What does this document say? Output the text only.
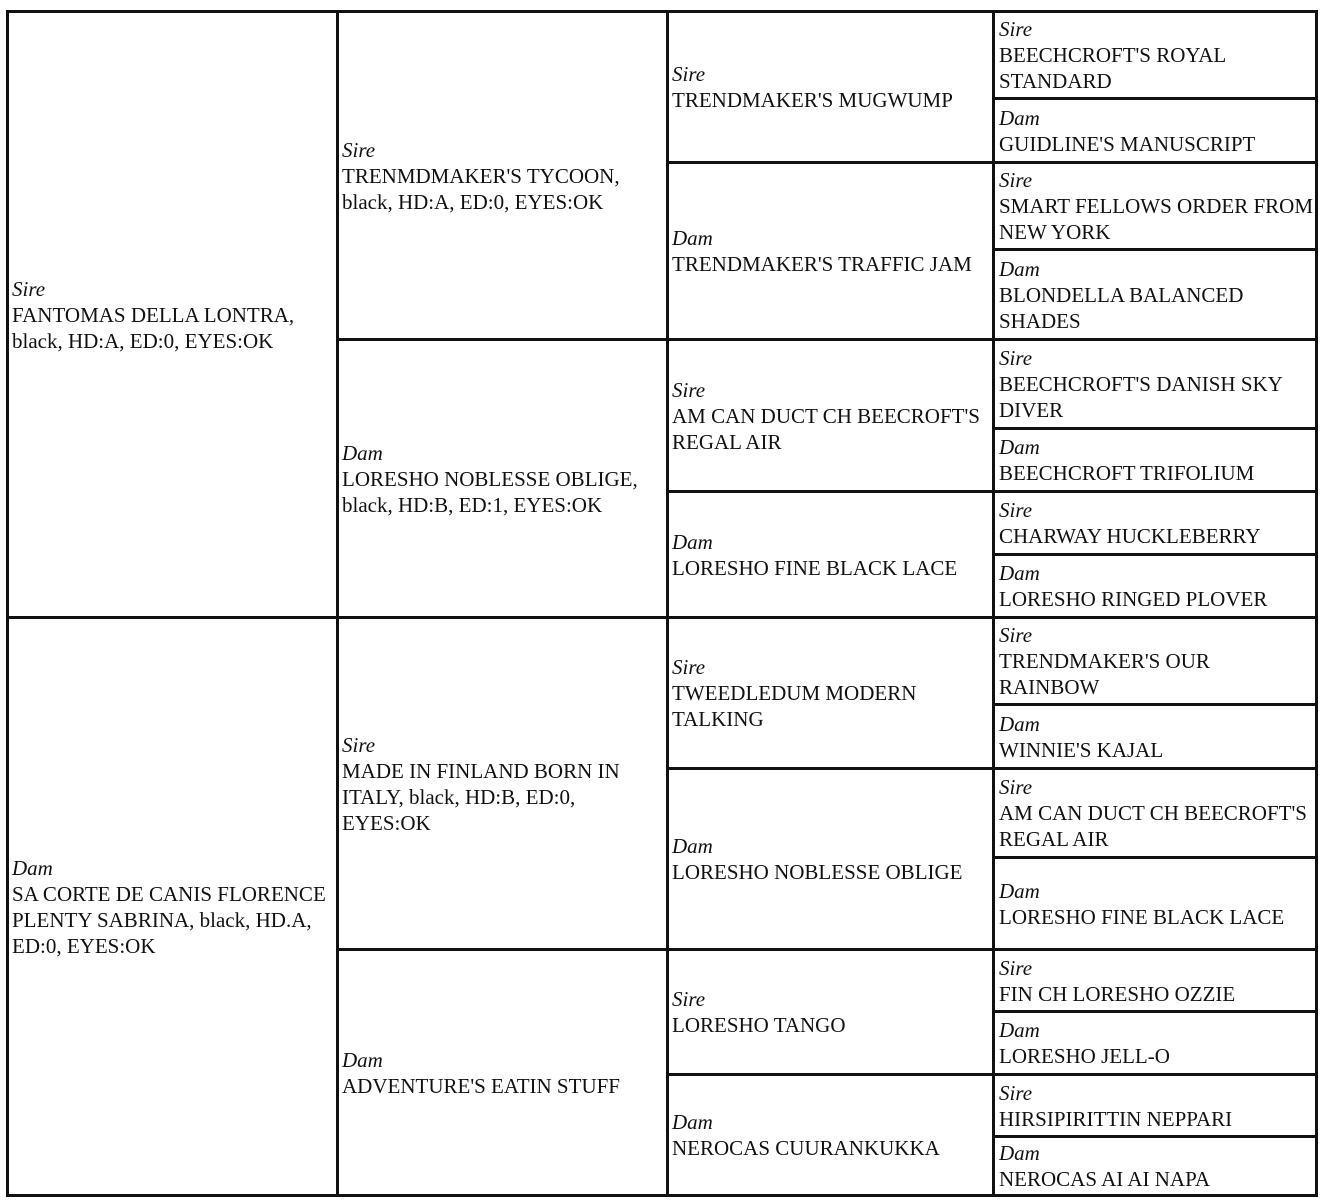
Sire
FANTOMAS DELLA LONTRA, black, HD:A, ED:0, EYES:OK
Dam
SA CORTE DE CANIS FLORENCE PLENTY SABRINA, black, HD.A, ED:0, EYES:OK
Sire
TRENMDMAKER'S TYCOON, black, HD:A, ED:0, EYES:OK
Dam
LORESHO NOBLESSE OBLIGE, black, HD:B, ED:1, EYES:OK
Sire
MADE IN FINLAND BORN IN ITALY, black, HD:B, ED:0, EYES:OK
Dam
ADVENTURE'S EATIN STUFF
Sire
TRENDMAKER'S MUGWUMP
Dam
TRENDMAKER'S TRAFFIC JAM
Sire
AM CAN DUCT CH BEECROFT'S REGAL AIR
Dam
LORESHO FINE BLACK LACE
Sire
TWEEDLEDUM MODERN TALKING
Dam
LORESHO NOBLESSE OBLIGE
Sire
LORESHO TANGO
Dam
NEROCAS CUURANKUKKA
Sire
BEECHCROFT'S ROYAL STANDARD
Dam
GUIDLINE'S MANUSCRIPT
Sire
SMART FELLOWS ORDER FROM NEW YORK
Dam
BLONDELLA BALANCED SHADES
Sire
BEECHCROFT'S DANISH SKY DIVER
Dam
BEECHCROFT TRIFOLIUM
Sire
CHARWAY HUCKLEBERRY
Dam
LORESHO RINGED PLOVER
Sire
TRENDMAKER'S OUR RAINBOW
Dam
WINNIE'S KAJAL
Sire
AM CAN DUCT CH BEECROFT'S REGAL AIR
Dam
LORESHO FINE BLACK LACE
Sire
FIN CH LORESHO OZZIE
Dam
LORESHO JELL-O
Sire
HIRSIPIRITTIN NEPPARI
Dam
NEROCAS AI AI NAPA
